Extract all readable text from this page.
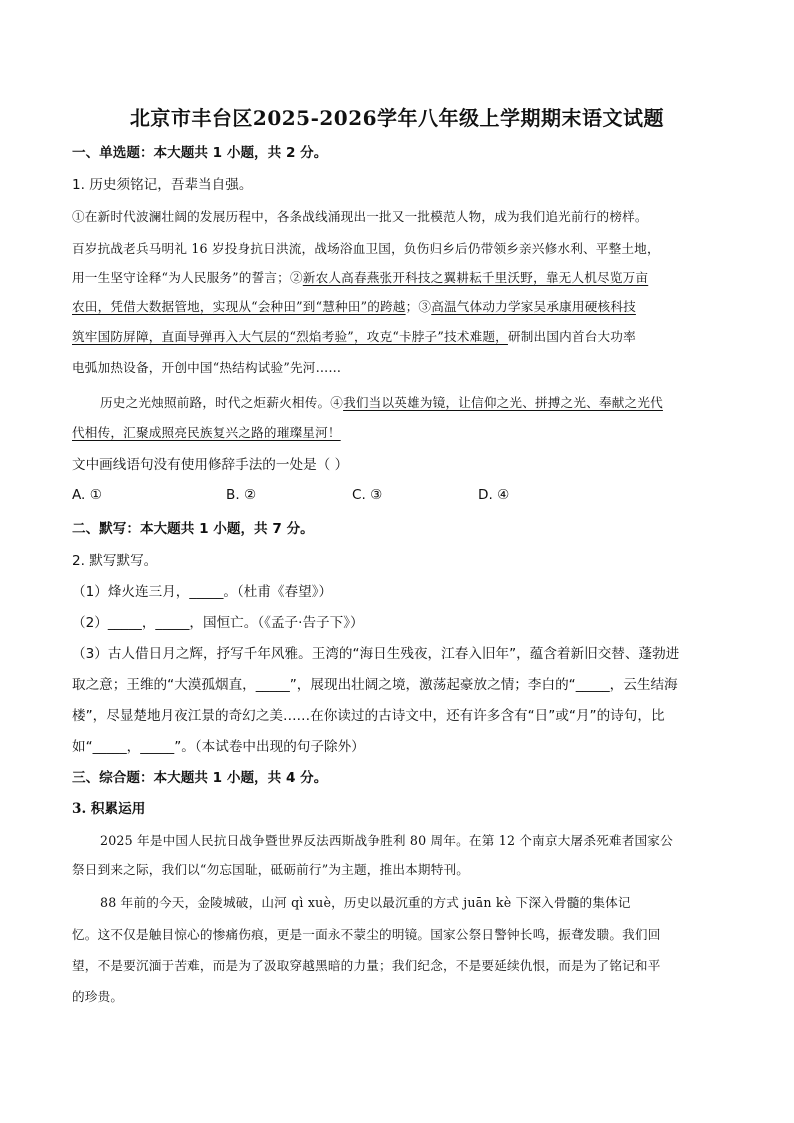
北京市丰台区2025-2026学年八年级上学期期末语文试题
一、单选题：本大题共 1 小题，共 2 分。
1. 历史须铭记，吾辈当自强。
①在新时代波澜壮阔的发展历程中，各条战线涌现出一批又一批模范人物，成为我们追光前行的榜样。
百岁抗战老兵马明礼 16 岁投身抗日洪流，战场浴血卫国，负伤归乡后仍带领乡亲兴修水利、平整土地，
用一生坚守诠释“为人民服务”的誓言；②新农人高春燕张开科技之翼耕耘千里沃野，靠无人机尽览万亩
农田，凭借大数据管地，实现从“会种田”到“慧种田”的跨越；③高温气体动力学家吴承康用硬核科技
筑牢国防屏障，直面导弹再入大气层的“烈焰考验”，攻克“卡脖子”技术难题，研制出国内首台大功率
电弧加热设备，开创中国“热结构试验”先河……
历史之光烛照前路，时代之炬薪火相传。④我们当以英雄为镜，让信仰之光、拼搏之光、奉献之光代
代相传，汇聚成照亮民族复兴之路的璀璨星河！
文中画线语句没有使用修辞手法的一处是（ ）
A. ①	B. ②	C. ③	D. ④
二、默写：本大题共 1 小题，共 7 分。
2. 默写默写。
（1）烽火连三月，_____。（杜甫《春望》）
（2）_____，_____，国恒亡。（《孟子·告子下》）
（3）古人借日月之辉，抒写千年风雅。王湾的“海日生残夜，江春入旧年”，蕴含着新旧交替、蓬勃进
取之意；王维的“大漠孤烟直，_____”，展现出壮阔之境，激荡起豪放之情；李白的“_____，云生结海
楼”，尽显楚地月夜江景的奇幻之美……在你读过的古诗文中，还有许多含有“日”或“月”的诗句，比
如“_____，_____”。（本试卷中出现的句子除外）
三、综合题：本大题共 1 小题，共 4 分。
3. 积累运用
2025 年是中国人民抗日战争暨世界反法西斯战争胜利 80 周年。在第 12 个南京大屠杀死难者国家公
祭日到来之际，我们以“勿忘国耻，砥砺前行”为主题，推出本期特刊。
88 年前的今天，金陵城破，山河 qì xuè，历史以最沉重的方式 juān kè 下深入骨髓的集体记
忆。这不仅是触目惊心的惨痛伤痕，更是一面永不蒙尘的明镜。国家公祭日警钟长鸣，振聋发聩。我们回
望，不是要沉湎于苦难，而是为了汲取穿越黑暗的力量；我们纪念，不是要延续仇恨，而是为了铭记和平
的珍贵。
